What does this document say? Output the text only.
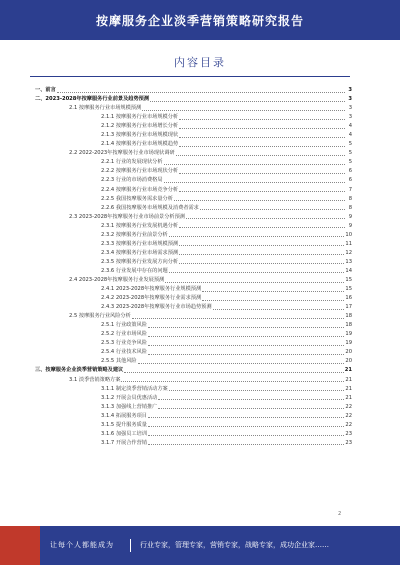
按摩服务企业淡季营销策略研究报告
内容目录
一、前言	3
二、2023-2028年按摩服务行业前景及趋势预测	3
2.1 按摩服务行业市场规模预测	3
2.1.1 按摩服务行业市场规模分析	3
2.1.2 按摩服务行业市场增长分析	4
2.1.3 按摩服务行业市场规模现状	4
2.1.4 按摩服务行业市场规模趋势	5
2.2 2022-2023年按摩服务行业市场现状调研	5
2.2.1 行业的发展现状分析	5
2.2.2 按摩服务行业市场现状分析	6
2.2.3 行业的市场消费格局	6
2.2.4 按摩服务行业市场竞争分析	7
2.2.5 我国按摩服务需求量分析	8
2.2.6 我国按摩服务市场规模及消费者需求	8
2.3 2023-2028年按摩服务行业市场前景分析预测	9
2.3.1 按摩服务行业发展机遇分析	9
2.3.2 按摩服务行业前景分析	10
2.3.3 按摩服务行业市场规模预测	11
2.3.4 按摩服务行业市场需求预测	12
2.3.5 按摩服务行业发展方向分析	13
2.3.6 行业发展中存在的问题	14
2.4 2023-2028年按摩服务行业发展预测	15
2.4.1 2023-2028年按摩服务行业规模预测	15
2.4.2 2023-2028年按摩服务行业需求预测	16
2.4.3 2023-2028年按摩服务行业市场趋势预测	17
2.5 按摩服务行业风险分析	18
2.5.1 行业政策风险	18
2.5.2 行业市场风险	19
2.5.3 行业竞争风险	19
2.5.4 行业技术风险	20
2.5.5 其他风险	20
三、按摩服务企业淡季营销策略及建议	21
3.1 淡季营销策略方案	21
3.1.1 制定淡季营销活动方案	21
3.1.2 开展会员优惠活动	21
3.1.3 加强线上营销推广	22
3.1.4 拓展服务项目	22
3.1.5 提升服务质量	22
3.1.6 加强员工培训	23
3.1.7 开展合作营销	23
2
让每个人都能成为	行业专家，管理专家，营销专家，战略专家，成功企业家……
